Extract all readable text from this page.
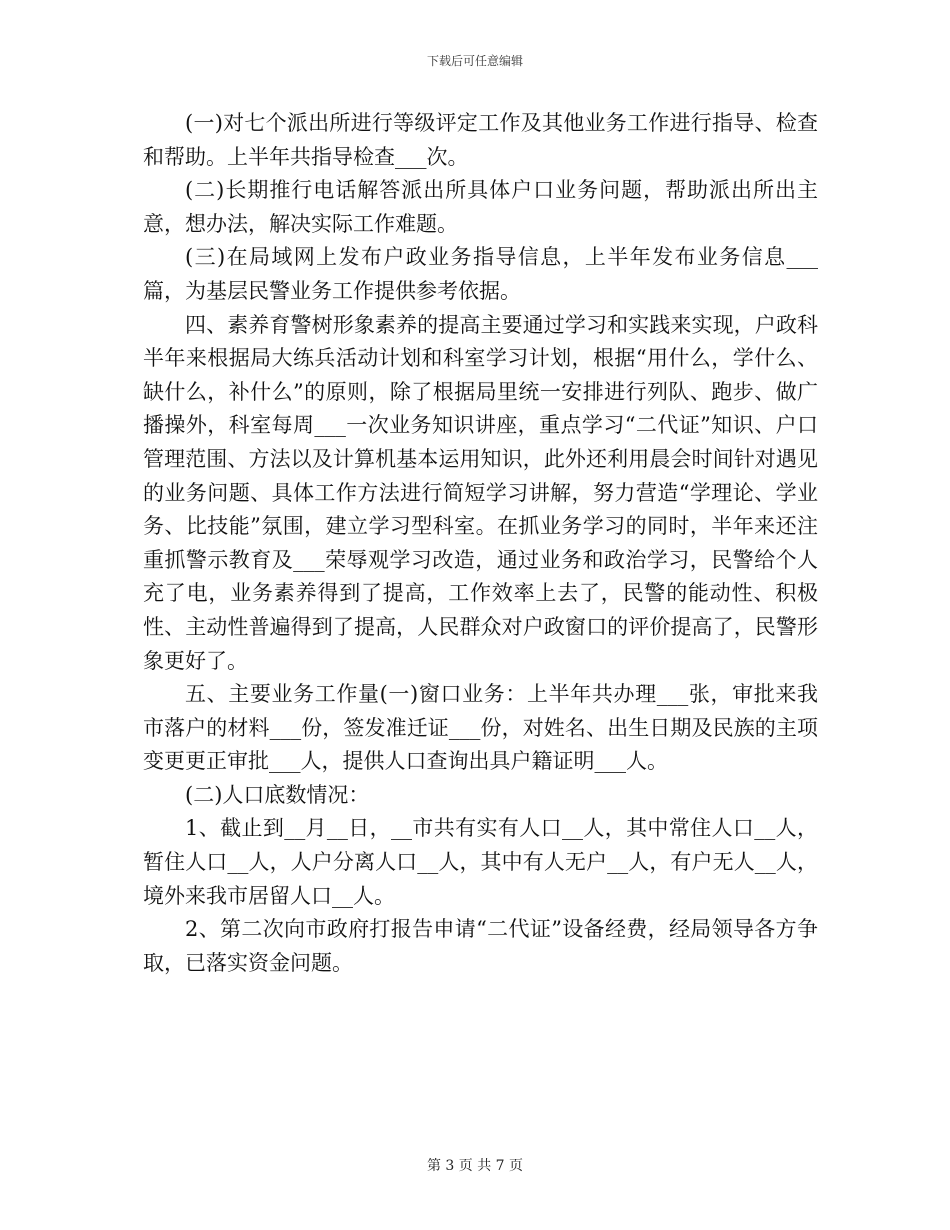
下载后可任意编辑

(一)对七个派出所进行等级评定工作及其他业务工作进行指导、检查和帮助。上半年共指导检查___次。

(二)长期推行电话解答派出所具体户口业务问题，帮助派出所出主意，想办法，解决实际工作难题。

(三)在局域网上发布户政业务指导信息，上半年发布业务信息___篇，为基层民警业务工作提供参考依据。

四、素养育警树形象素养的提高主要通过学习和实践来实现，户政科半年来根据局大练兵活动计划和科室学习计划，根据“用什么，学什么、缺什么，补什么”的原则，除了根据局里统一安排进行列队、跑步、做广播操外，科室每周___一次业务知识讲座，重点学习“二代证”知识、户口管理范围、方法以及计算机基本运用知识，此外还利用晨会时间针对遇见的业务问题、具体工作方法进行简短学习讲解，努力营造“学理论、学业务、比技能”氛围，建立学习型科室。在抓业务学习的同时，半年来还注重抓警示教育及___荣辱观学习改造，通过业务和政治学习，民警给个人充了电，业务素养得到了提高，工作效率上去了，民警的能动性、积极性、主动性普遍得到了提高，人民群众对户政窗口的评价提高了，民警形象更好了。

五、主要业务工作量(一)窗口业务：上半年共办理___张，审批来我市落户的材料___份，签发准迁证___份，对姓名、出生日期及民族的主项变更更正审批___人，提供人口查询出具户籍证明___人。

(二)人口底数情况：

1、截止到__月__日，__市共有实有人口__人，其中常住人口__人，暂住人口__人，人户分离人口__人，其中有人无户__人，有户无人__人，境外来我市居留人口__人。

2、第二次向市政府打报告申请“二代证”设备经费，经局领导各方争取，已落实资金问题。

第 3 页 共 7 页
